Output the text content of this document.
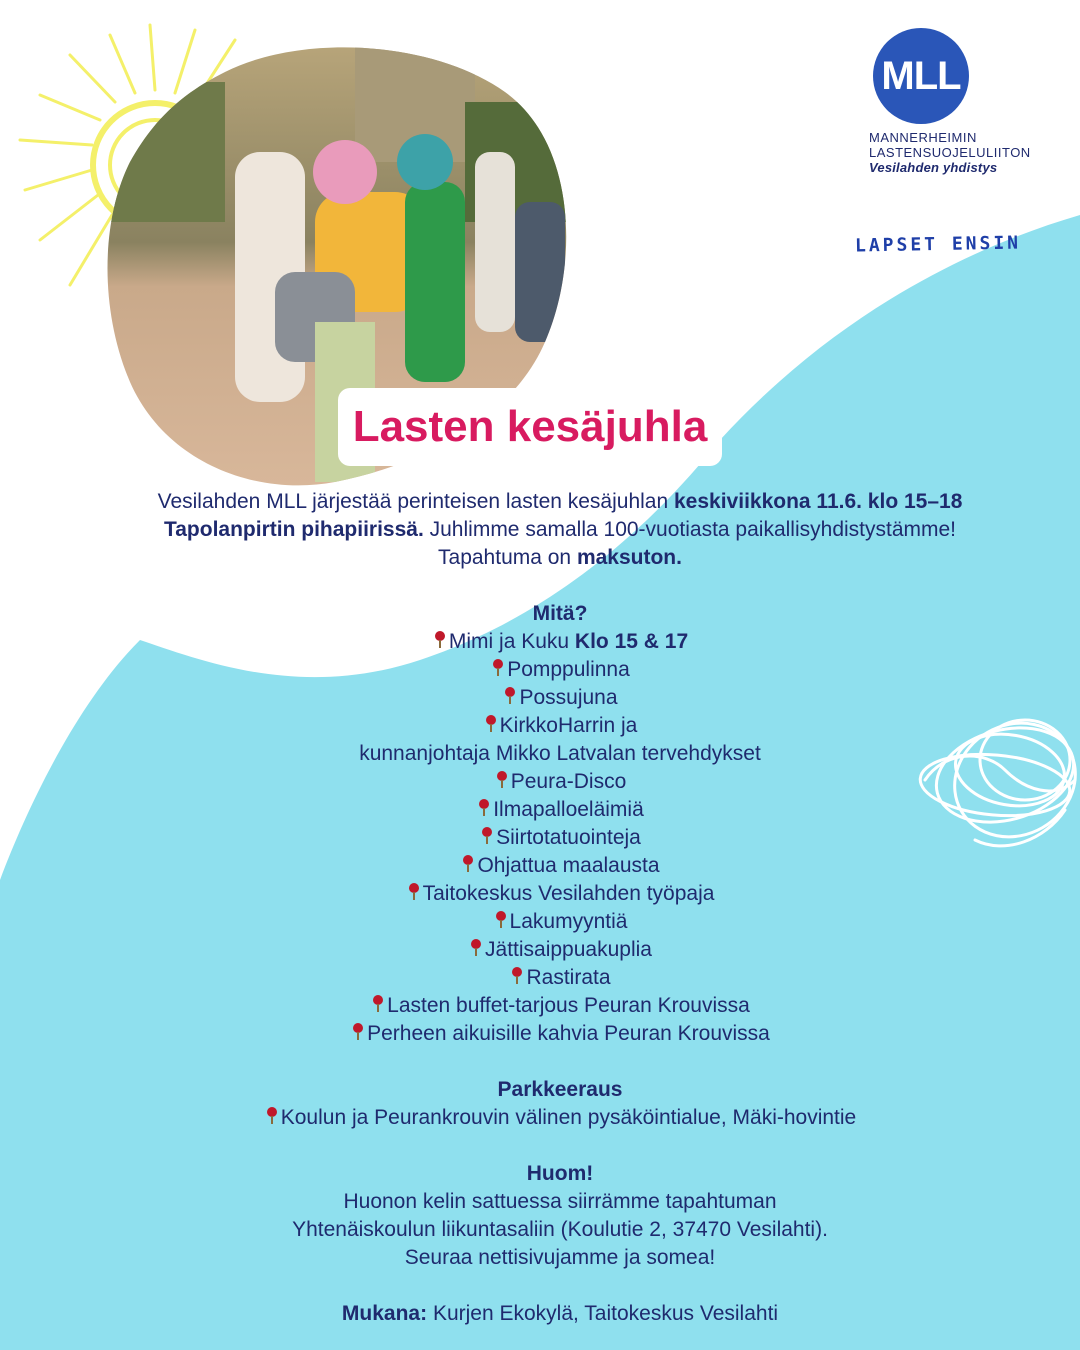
MLL
MANNERHEIMIN
LASTENSUOJELULIITON
Vesilahden yhdistys
LAPSET ENSIN
Lasten kesäjuhla

Vesilahden MLL järjestää perinteisen lasten kesäjuhlan keskiviikkona 11.6. klo 15–18

Tapolanpirtin pihapiirissä. Juhlimme samalla 100-vuotiasta paikallisyhdistystämme!

Tapahtuma on maksuton.

Mitä?

Mimi ja Kuku Klo 15 & 17

Pomppulinna

Possujuna

KirkkoHarrin ja

kunnanjohtaja Mikko Latvalan tervehdykset

Peura-Disco

Ilmapalloeläimiä

Siirtotatuointeja

Ohjattua maalausta

Taitokeskus Vesilahden työpaja

Lakumyyntiä

Jättisaippuakuplia

Rastirata

Lasten buffet-tarjous Peuran Krouvissa

Perheen aikuisille kahvia Peuran Krouvissa

Parkkeeraus

Koulun ja Peurankrouvin välinen pysäköintialue, Mäki-hovintie

Huom!

Huonon kelin sattuessa siirrämme tapahtuman

Yhtenäiskoulun liikuntasaliin (Koulutie 2, 37470 Vesilahti).

Seuraa nettisivujamme ja somea!

Mukana: Kurjen Ekokylä, Taitokeskus Vesilahti
